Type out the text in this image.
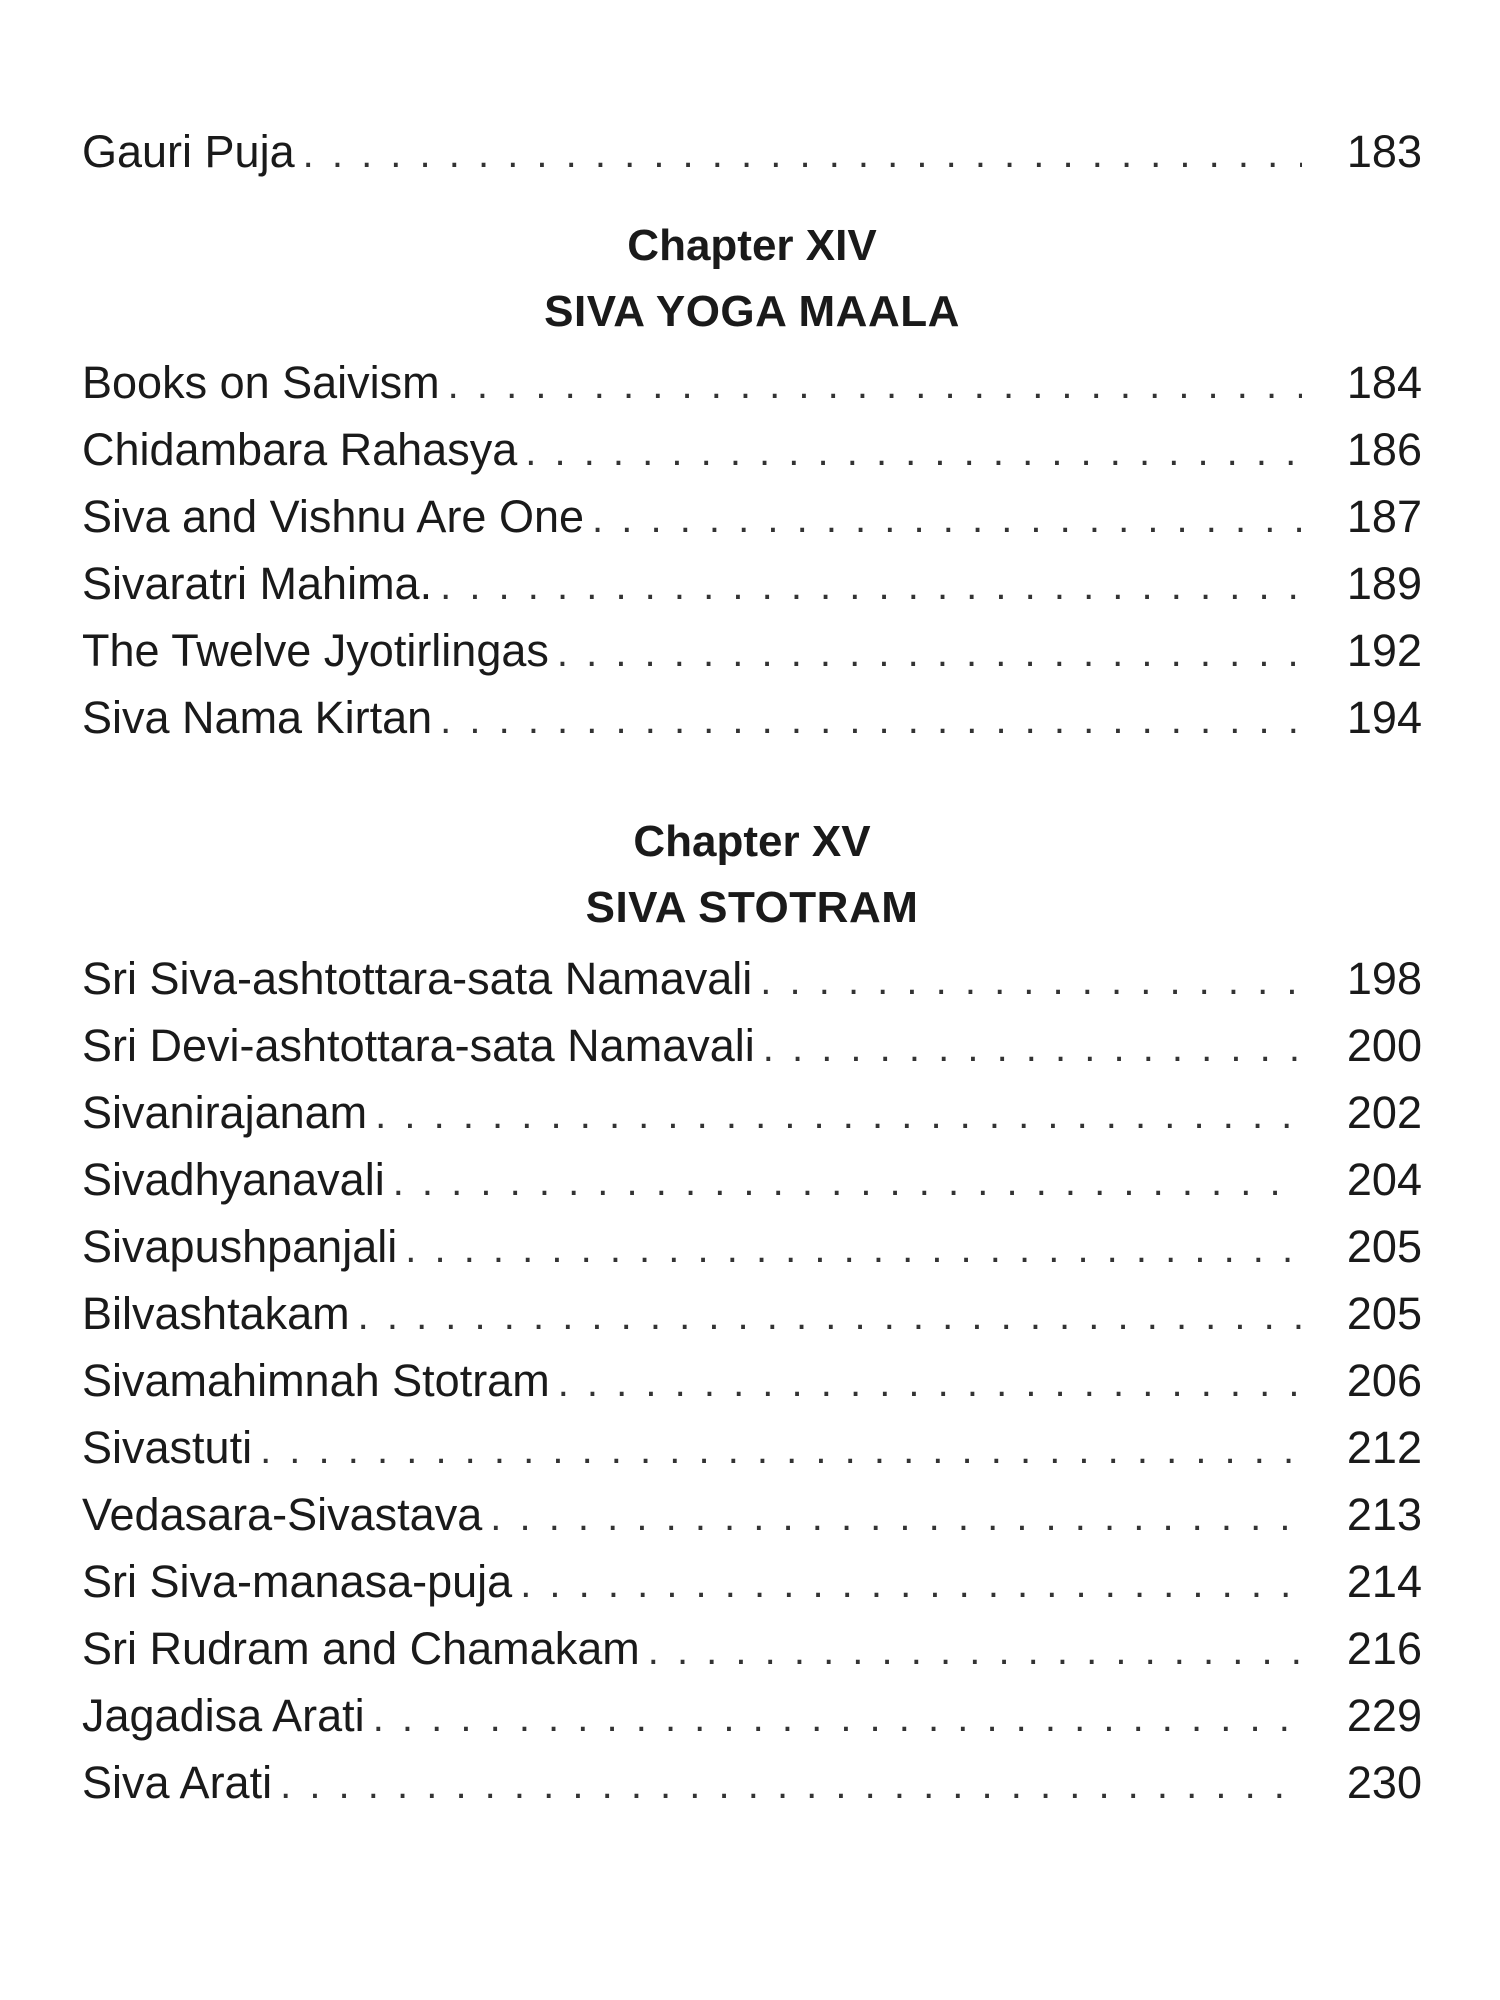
Gauri Puja . . .	183
Chapter XIV
SIVA YOGA MAALA
Books on Saivism . . .	184
Chidambara Rahasya . . .	186
Siva and Vishnu Are One . . .	187
Sivaratri Mahima. . . .	189
The Twelve Jyotirlingas . . .	192
Siva Nama Kirtan . . .	194
Chapter XV
SIVA STOTRAM
Sri Siva-ashtottara-sata Namavali . . .	198
Sri Devi-ashtottara-sata Namavali . . .	200
Sivanirajanam . . .	202
Sivadhyanavali . . .	204
Sivapushpanjali . . .	205
Bilvashtakam . . .	205
Sivamahimnah Stotram . . .	206
Sivastuti . . .	212
Vedasara-Sivastava . . .	213
Sri Siva-manasa-puja . . .	214
Sri Rudram and Chamakam . . .	216
Jagadisa Arati . . .	229
Siva Arati . . .	230
